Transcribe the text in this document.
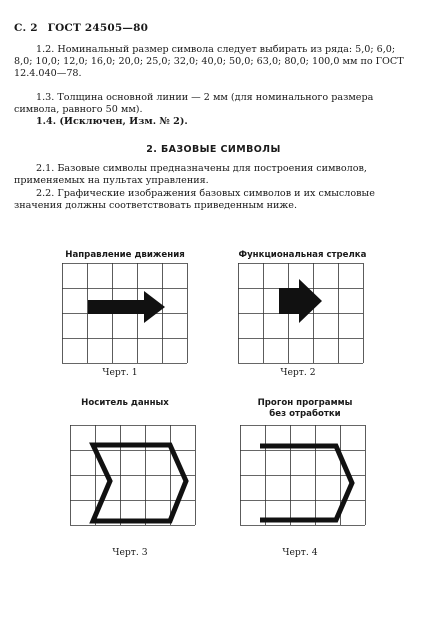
С. 2 ГОСТ 24505—80

1.2. Номинальный размер символа следует выбирать из ряда: 5,0; 6,0; 8,0; 10,0; 12,0; 16,0; 20,0; 25,0; 32,0; 40,0; 50,0; 63,0; 80,0; 100,0 мм по ГОСТ 12.4.040—78.

1.3. Толщина основной линии — 2 мм (для номинального размера символа, равного 50 мм).

1.4. (Исключен, Изм. № 2).

2. БАЗОВЫЕ СИМВОЛЫ

2.1. Базовые символы предназначены для построения символов, применяемых на пультах управления.

2.2. Графические изображения базовых символов и их смысловые значения должны соответствовать приведенным ниже.

Направление движения
Черт. 1
Функциональная стрелка
Черт. 2
Носитель данных
Черт. 3
Прогон программы
без отработки
Черт. 4
